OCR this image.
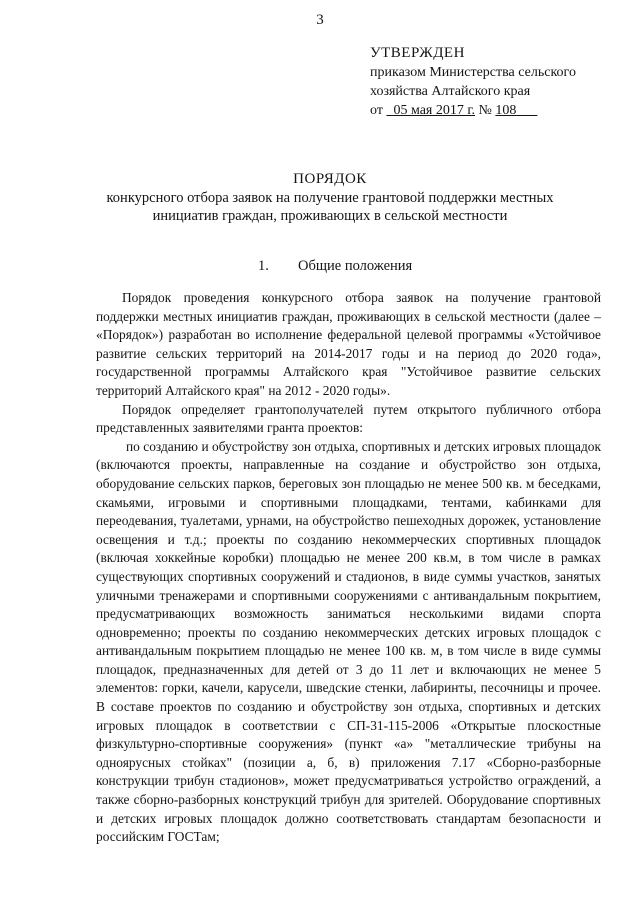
3
УТВЕРЖДЕН
приказом Министерства сельского
хозяйства Алтайского края
от   05 мая 2017 г. № 108
ПОРЯДОК
конкурсного отбора заявок на получение грантовой поддержки местных
инициатив граждан, проживающих в сельской местности
1. Общие положения

Порядок проведения конкурсного отбора заявок на получение грантовой поддержки местных инициатив граждан, проживающих в сельской местности (далее – «Порядок») разработан во исполнение федеральной целевой программы «Устойчивое развитие сельских территорий на 2014-2017 годы и на период до 2020 года», государственной программы Алтайского края "Устойчивое развитие сельских территорий Алтайского края" на 2012 - 2020 годы».

Порядок определяет грантополучателей путем открытого публичного отбора представленных заявителями гранта проектов:

по созданию и обустройству зон отдыха, спортивных и детских игровых площадок (включаются проекты, направленные на создание и обустройство зон отдыха, оборудование сельских парков, береговых зон площадью не менее 500 кв. м беседками, скамьями, игровыми и спортивными площадками, тентами, кабинками для переодевания, туалетами, урнами, на обустройство пешеходных дорожек, установление освещения и т.д.; проекты по созданию некоммерческих спортивных площадок (включая хоккейные коробки) площадью не менее 200 кв.м, в том числе в рамках существующих спортивных сооружений и стадионов, в виде суммы участков, занятых уличными тренажерами и спортивными сооружениями с антивандальным покрытием, предусматривающих возможность заниматься несколькими видами спорта одновременно; проекты по созданию некоммерческих детских игровых площадок с антивандальным покрытием площадью не менее 100 кв. м, в том числе в виде суммы площадок, предназначенных для детей от 3 до 11 лет и включающих не менее 5 элементов: горки, качели, карусели, шведские стенки, лабиринты, песочницы и прочее. В составе проектов по созданию и обустройству зон отдыха, спортивных и детских игровых площадок в соответствии с СП-31-115-2006 «Открытые плоскостные физкультурно-спортивные сооружения» (пункт «а» "металлические трибуны на одноярусных стойках" (позиции а, б, в) приложения 7.17 «Сборно-разборные конструкции трибун стадионов», может предусматриваться устройство ограждений, а также сборно-разборных конструкций трибун для зрителей. Оборудование спортивных и детских игровых площадок должно соответствовать стандартам безопасности и российским ГОСТам;
